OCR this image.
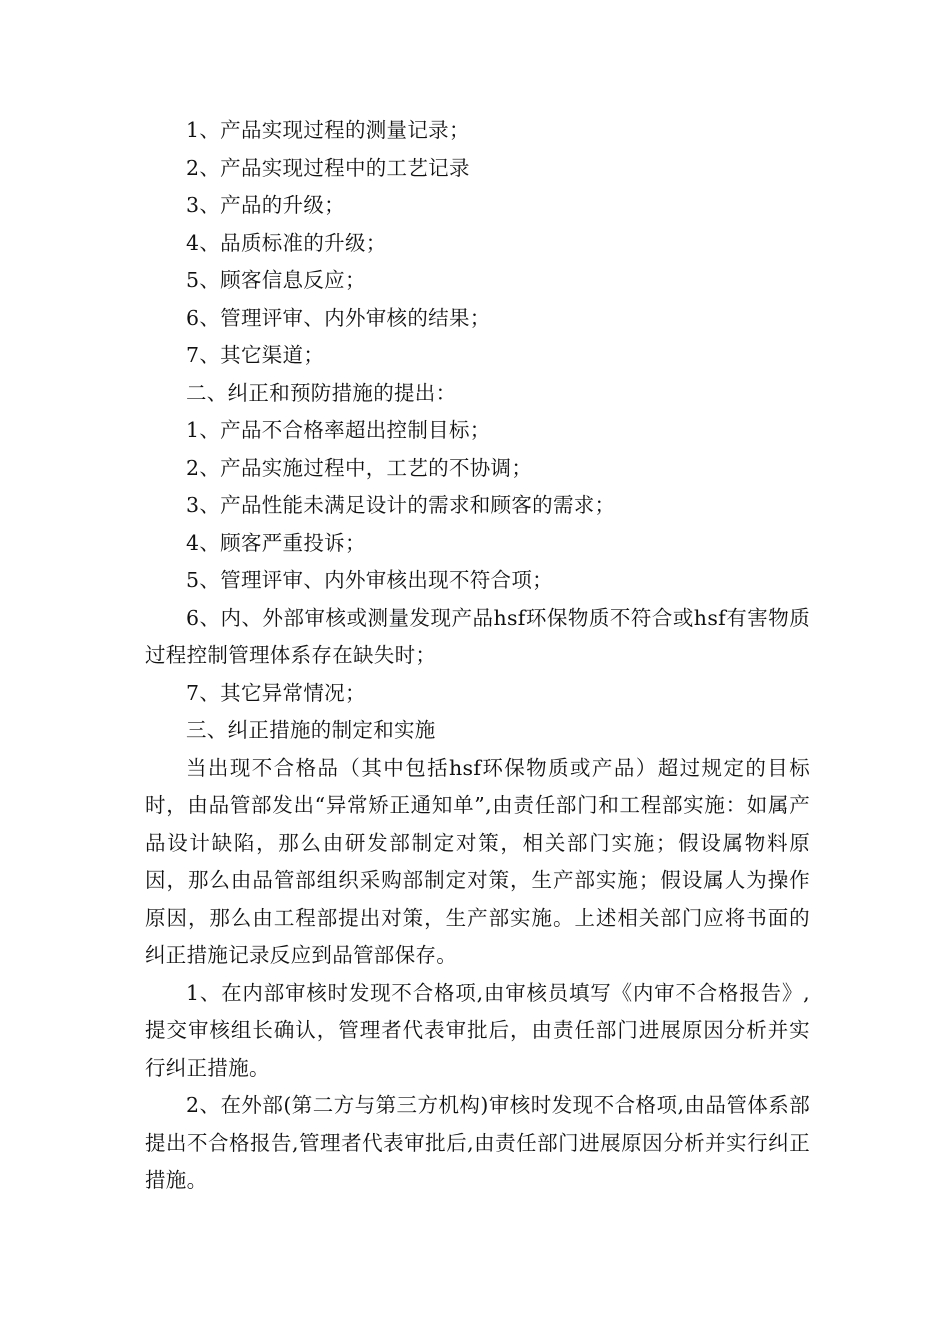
1、产品实现过程的测量记录；

2、产品实现过程中的工艺记录

3、产品的升级；

4、品质标准的升级；

5、顾客信息反应；

6、管理评审、内外审核的结果；

7、其它渠道；

二、纠正和预防措施的提出：

1、产品不合格率超出控制目标；

2、产品实施过程中，工艺的不协调；

3、产品性能未满足设计的需求和顾客的需求；

4、顾客严重投诉；

5、管理评审、内外审核出现不符合项；

6、内、外部审核或测量发现产品hsf环保物质不符合或hsf有害物质过程控制管理体系存在缺失时；

7、其它异常情况；

三、纠正措施的制定和实施

当出现不合格品（其中包括hsf环保物质或产品）超过规定的目标时，由品管部发出“异常矫正通知单”,由责任部门和工程部实施：如属产品设计缺陷，那么由研发部制定对策，相关部门实施；假设属物料原因，那么由品管部组织采购部制定对策，生产部实施；假设属人为操作原因，那么由工程部提出对策，生产部实施。上述相关部门应将书面的纠正措施记录反应到品管部保存。

1、在内部审核时发现不合格项,由审核员填写《内审不合格报告》,提交审核组长确认，管理者代表审批后，由责任部门进展原因分析并实行纠正措施。

2、在外部(第二方与第三方机构)审核时发现不合格项,由品管体系部提出不合格报告,管理者代表审批后,由责任部门进展原因分析并实行纠正措施。
